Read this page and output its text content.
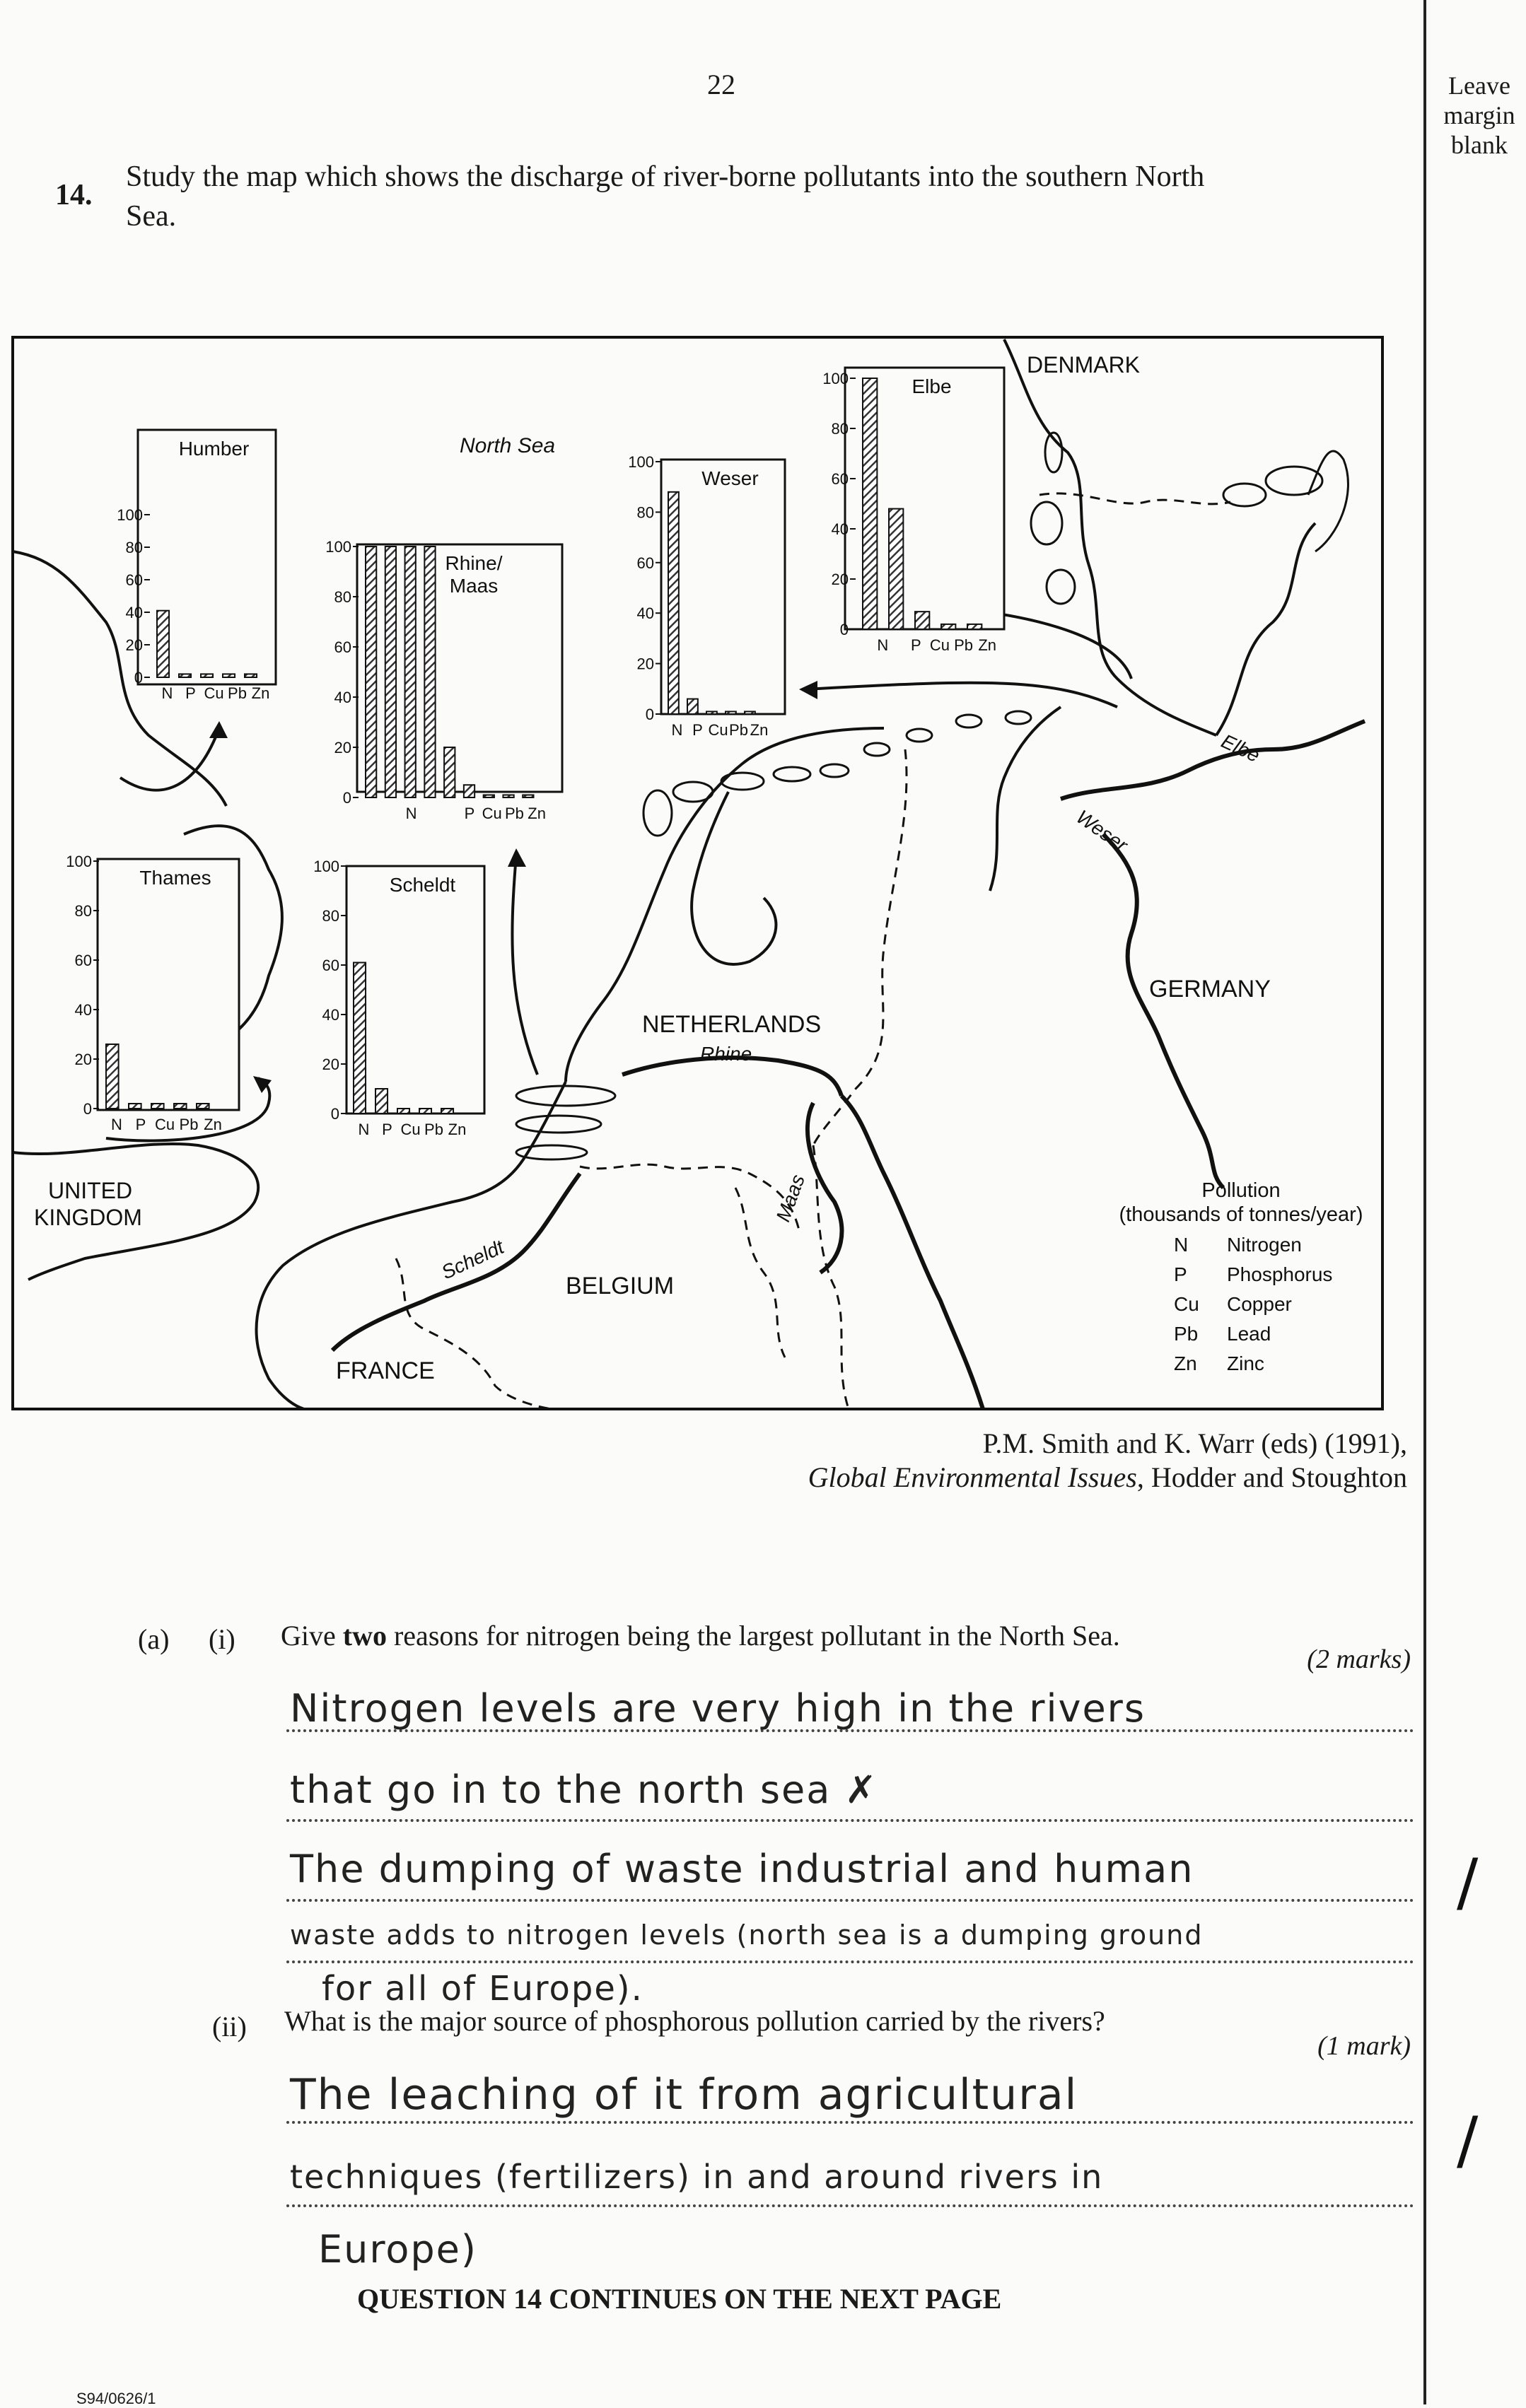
22	Leave
margin
blank
14.
Study the map which shows the discharge of river-borne pollutants into the southern North
Sea.
North Sea
DENMARK
GERMANY
NETHERLANDS
BELGIUM
FRANCE
UNITED
KINGDOM
Rhine
Maas
Scheldt
Weser
Elbe
Pollution
(thousands of tonnes/year)
N Nitrogen
P Phosphorus
Cu Copper
Pb Lead
Zn Zinc
Humber
0
20
40
60
80
100
N P Cu Pb Zn
Rhine/ Maas
0
20
40
60
80
100
N	P Cu Pb Zn
Weser
0
20
40
60
80
100
N P Cu Pb Zn
Elbe
0
20
40
60
80
100
N P Cu Pb Zn
Thames
0
20
40
60
80
100
N P Cu Pb Zn
Scheldt
0
20
40
60
80
100
N P Cu Pb Zn
P.M. Smith and K. Warr (eds) (1991),
Global Environmental Issues, Hodder and Stoughton
(a) (i) Give two reasons for nitrogen being the largest pollutant in the North Sea.
(2 marks)
Nitrogen levels are very high in the rivers
that go in to the north sea ✗
The dumping of waste industrial and human
waste adds to nitrogen levels (north sea is a dumping ground
for all of Europe).
/
(ii) What is the major source of phosphorous pollution carried by the rivers?
(1 mark)
The leaching of it from agricultural
techniques (fertilizers) in and around rivers in
Europe)
/
QUESTION 14 CONTINUES ON THE NEXT PAGE
S94/0626/1
